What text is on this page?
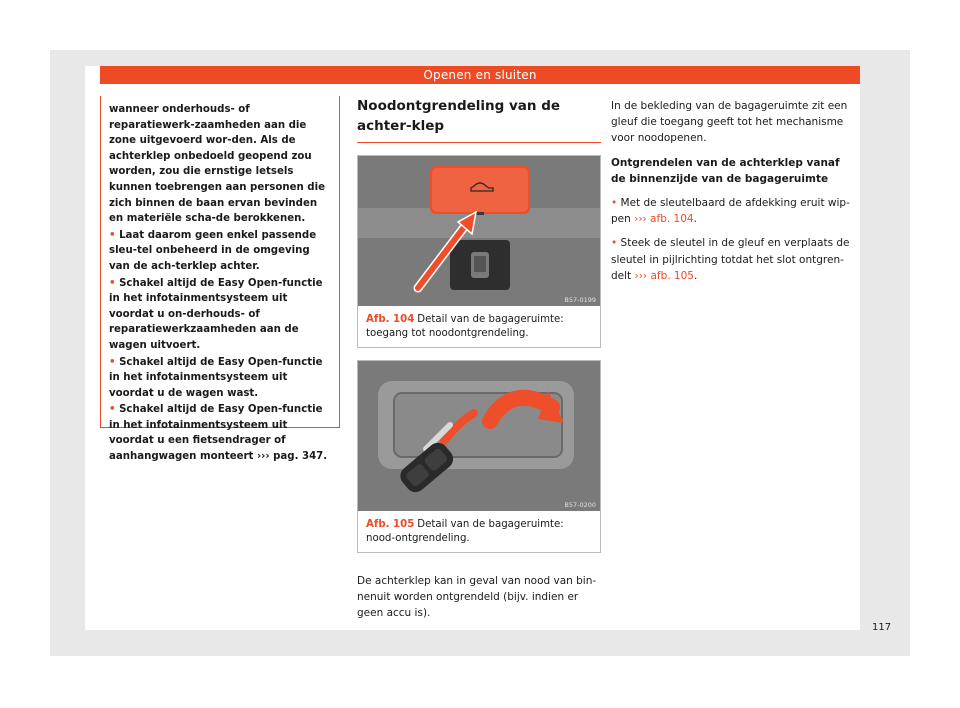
Openen en sluiten

wanneer onderhouds- of reparatiewerk-zaamheden aan die zone uitgevoerd wor-den. Als de achterklep onbedoeld geopend zou worden, zou die ernstige letsels kunnen toebrengen aan personen die zich binnen de baan ervan bevinden en materiële scha-de berokkenen.

• Laat daarom geen enkel passende sleu-tel onbeheerd in de omgeving van de ach-terklep achter.

• Schakel altijd de Easy Open-functie in het infotainmentsysteem uit voordat u on-derhouds- of reparatiewerkzaamheden aan de wagen uitvoert.

• Schakel altijd de Easy Open-functie in het infotainmentsysteem uit voordat u de wagen wast.

• Schakel altijd de Easy Open-functie in het infotainmentsysteem uit voordat u een fietsendrager of aanhangwagen monteert ››› pag. 347.

Noodontgrendeling van de achter-klep
B57-0199
Afb. 104 Detail van de bagageruimte: toegang tot noodontgrendeling.
B57-0200
Afb. 105 Detail van de bagageruimte: nood-ontgrendeling.

De achterklep kan in geval van nood van bin-nenuit worden ontgrendeld (bijv. indien er geen accu is).

In de bekleding van de bagageruimte zit een gleuf die toegang geeft tot het mechanisme voor noodopenen.

Ontgrendelen van de achterklep vanaf de binnenzijde van de bagageruimte

• Met de sleutelbaard de afdekking eruit wip-pen ››› afb. 104.

• Steek de sleutel in de gleuf en verplaats de sleutel in pijlrichting totdat het slot ontgren-delt ››› afb. 105.

117
